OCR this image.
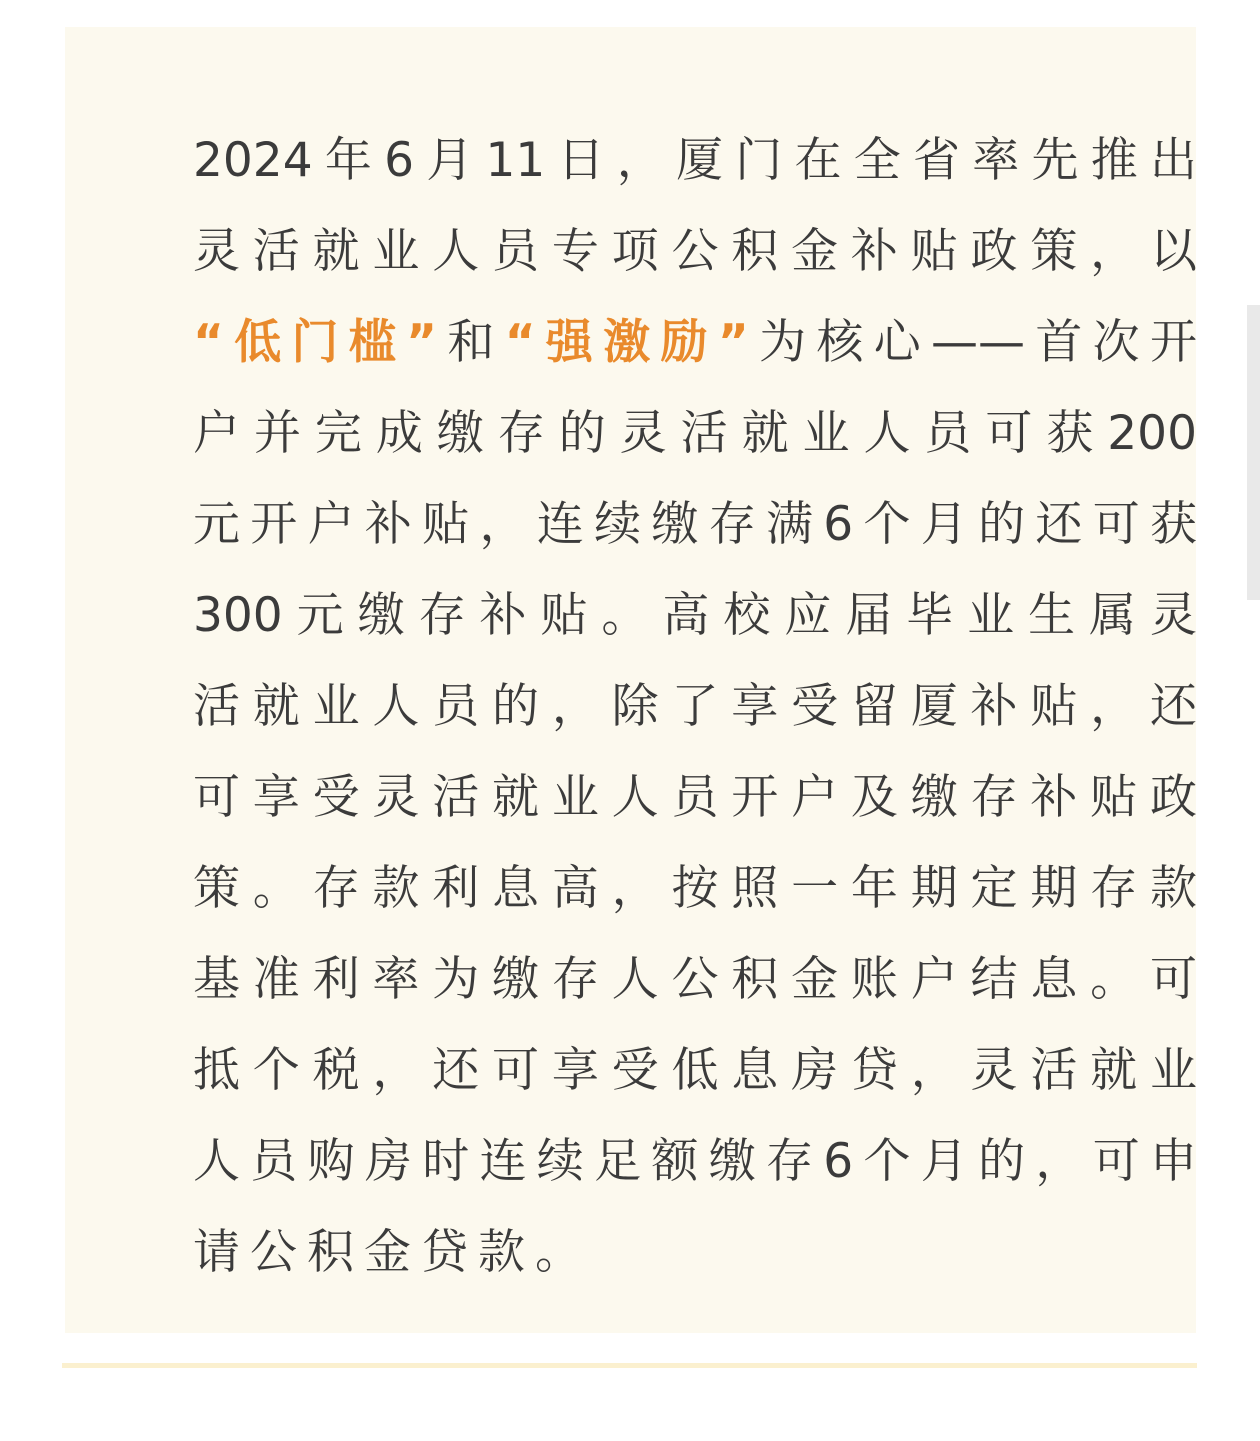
2024年6月11日，厦门在全省率先推出
灵活就业人员专项公积金补贴政策，以
“低门槛”和“强激励”为核心——首次开
户并完成缴存的灵活就业人员可获200
元开户补贴，连续缴存满6个月的还可获
300元缴存补贴。高校应届毕业生属灵
活就业人员的，除了享受留厦补贴，还
可享受灵活就业人员开户及缴存补贴政
策。存款利息高，按照一年期定期存款
基准利率为缴存人公积金账户结息。可
抵个税，还可享受低息房贷，灵活就业
人员购房时连续足额缴存6个月的，可申
请公积金贷款。
